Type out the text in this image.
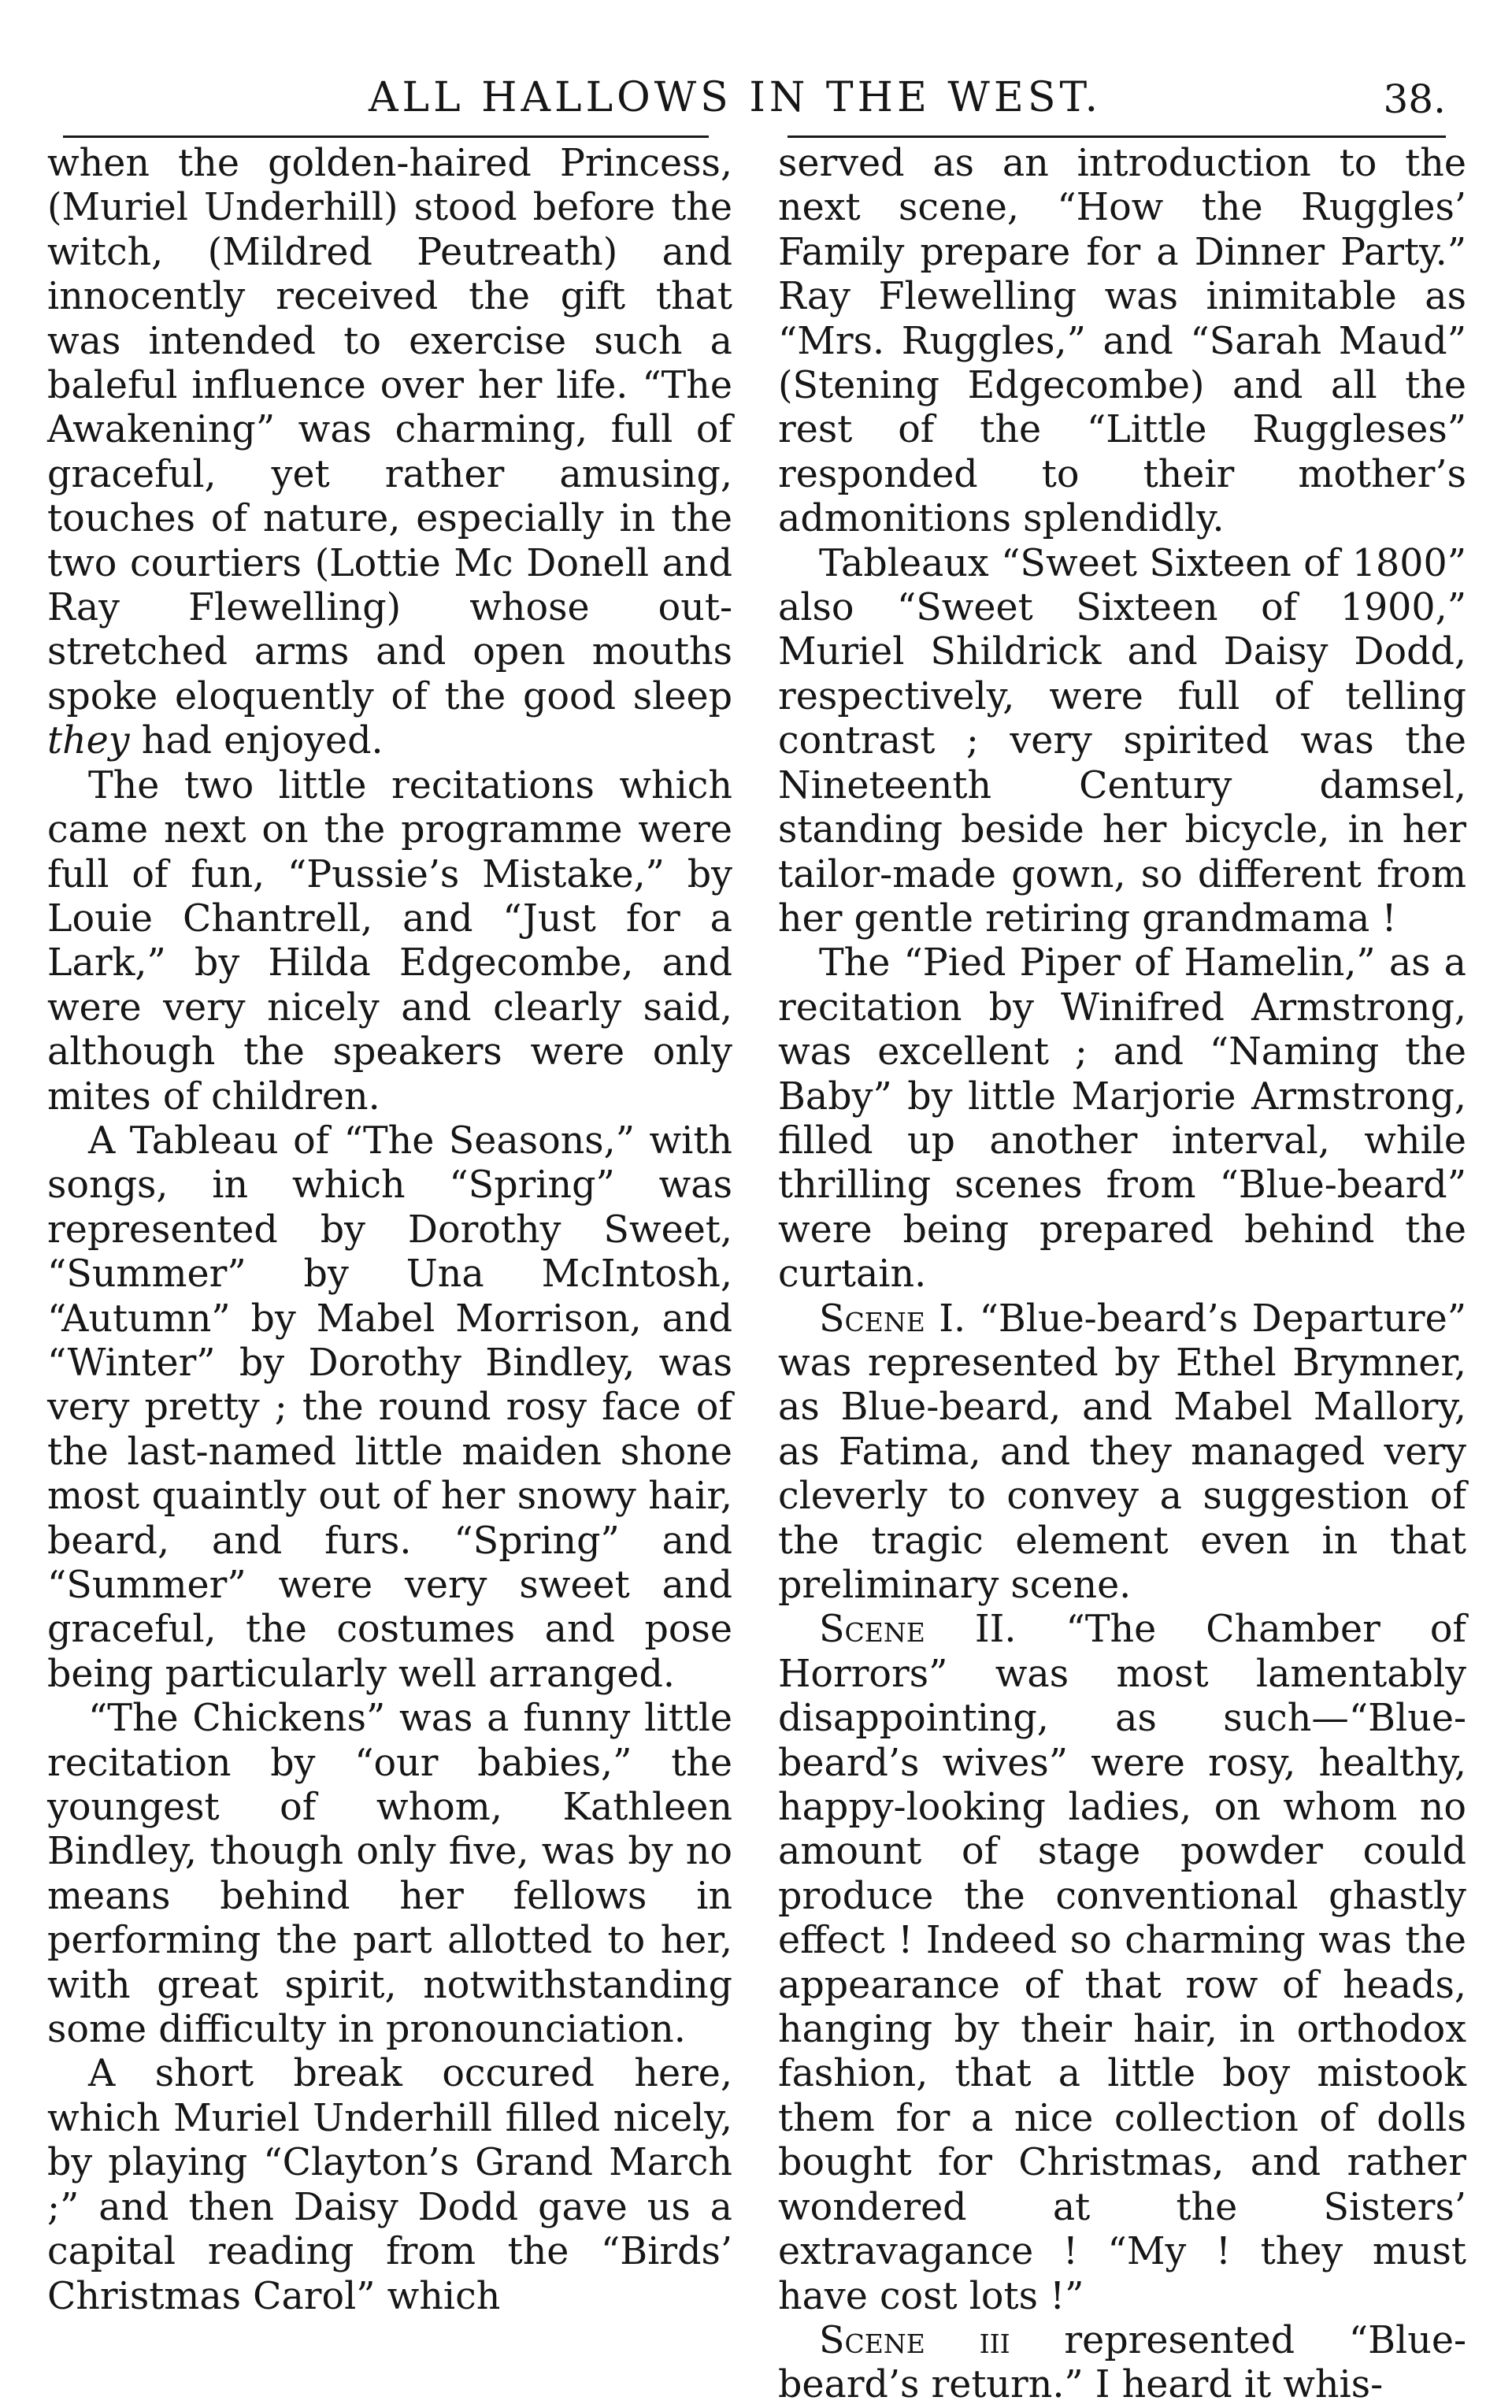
ALL HALLOWS IN THE WEST.	38.

when the golden-haired Princess, (Muriel Underhill) stood before the witch, (Mildred Peutreath) and innocently received the gift that was intended to exercise such a baleful influence over her life. “The Awakening” was charming, full of graceful, yet rather amusing, touches of nature, especially in the two courtiers (Lottie Mc Donell and Ray Flewelling) whose out-stretched arms and open mouths spoke eloquently of the good sleep they had enjoyed.

The two little recitations which came next on the programme were full of fun, “Pussie’s Mistake,” by Louie Chantrell, and “Just for a Lark,” by Hilda Edgecombe, and were very nicely and clearly said, although the speakers were only mites of children.

A Tableau of “The Seasons,” with songs, in which “Spring” was represented by Dorothy Sweet, “Summer” by Una McIntosh, “Autumn” by Mabel Morrison, and “Winter” by Dorothy Bindley, was very pretty ; the round rosy face of the last-named little maiden shone most quaintly out of her snowy hair, beard, and furs. “Spring” and “Summer” were very sweet and graceful, the costumes and pose being particularly well arranged.

“The Chickens” was a funny little recitation by “our babies,” the youngest of whom, Kathleen Bindley, though only five, was by no means behind her fellows in performing the part allotted to her, with great spirit, notwithstanding some difficulty in pronounciation.

A short break occured here, which Muriel Underhill filled nicely, by playing “Clayton’s Grand March ;” and then Daisy Dodd gave us a capital reading from the “Birds’ Christmas Carol” which

served as an introduction to the next scene, “How the Ruggles’ Family prepare for a Dinner Party.” Ray Flewelling was inimitable as “Mrs. Ruggles,” and “Sarah Maud” (Stening Edgecombe) and all the rest of the “Little Ruggleses” responded to their mother’s admonitions splendidly.

Tableaux “Sweet Sixteen of 1800” also “Sweet Sixteen of 1900,” Muriel Shildrick and Daisy Dodd, respectively, were full of telling contrast ; very spirited was the Nineteenth Century damsel, standing beside her bicycle, in her tailor-made gown, so different from her gentle retiring grandmama !

The “Pied Piper of Hamelin,” as a recitation by Winifred Armstrong, was excellent ; and “Naming the Baby” by little Marjorie Armstrong, filled up another interval, while thrilling scenes from “Blue-beard” were being prepared behind the curtain.

Scene I. “Blue-beard’s Departure” was represented by Ethel Brymner, as Blue-beard, and Mabel Mallory, as Fatima, and they managed very cleverly to convey a suggestion of the tragic element even in that preliminary scene.

Scene II. “The Chamber of Horrors” was most lamentably disappointing, as such—“Blue-beard’s wives” were rosy, healthy, happy-looking ladies, on whom no amount of stage powder could produce the conventional ghastly effect ! Indeed so charming was the appearance of that row of heads, hanging by their hair, in orthodox fashion, that a little boy mistook them for a nice collection of dolls bought for Christmas, and rather wondered at the Sisters’ extravagance ! “My ! they must have cost lots !”

Scene iii represented “Blue-beard’s return.” I heard it whis-
